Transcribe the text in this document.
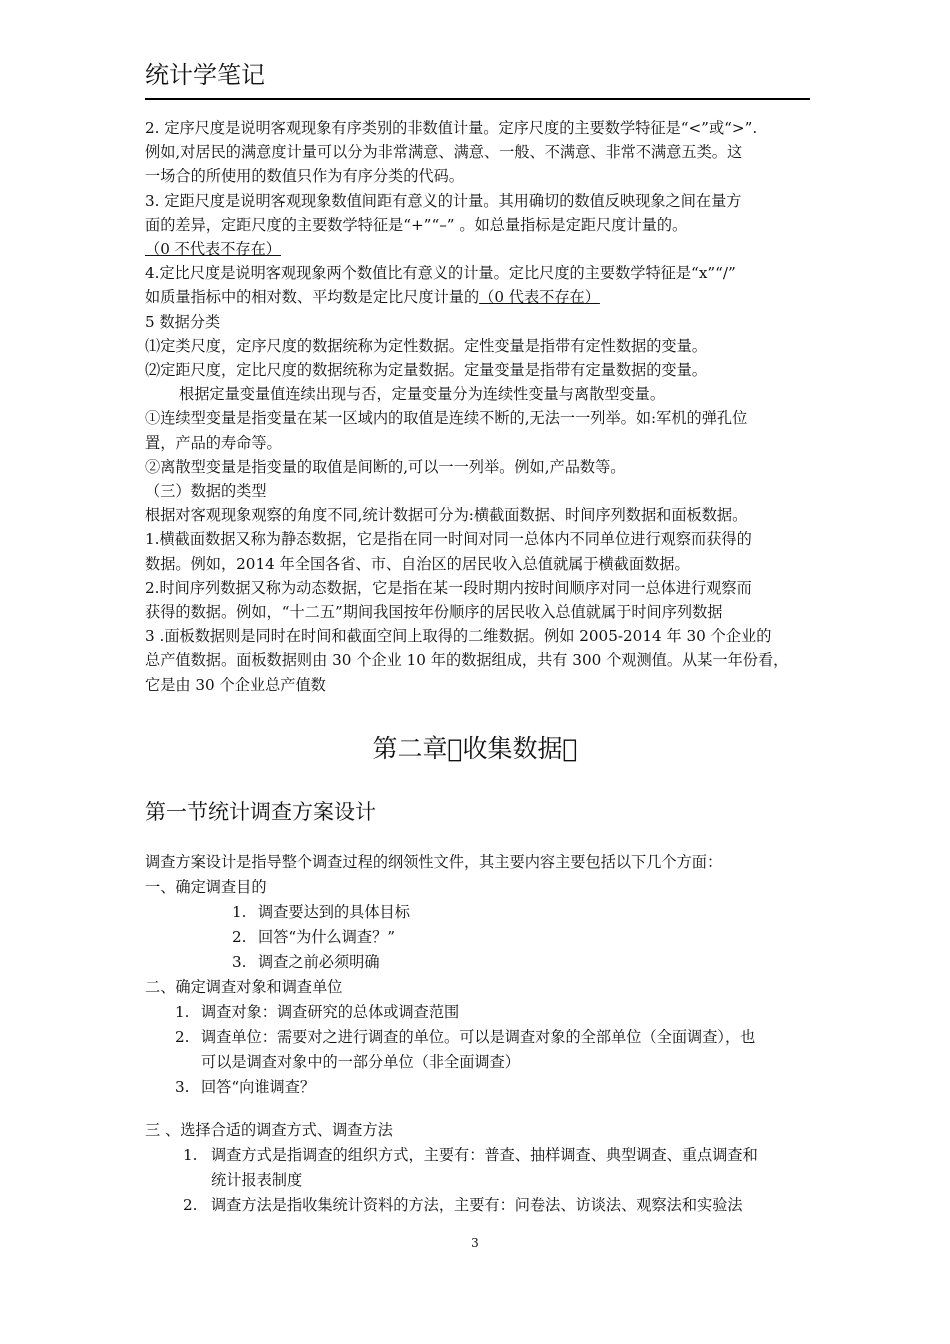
统计学笔记

2. 定序尺度是说明客观现象有序类别的非数值计量。定序尺度的主要数学特征是“<”或“>”.

例如,对居民的满意度计量可以分为非常满意、满意、一般、不满意、非常不满意五类。这

一场合的所使用的数值只作为有序分类的代码。

3. 定距尺度是说明客观现象数值间距有意义的计量。其用确切的数值反映现象之间在量方

面的差异，定距尺度的主要数学特征是“+”“–” 。如总量指标是定距尺度计量的。

（0 不代表不存在）

4.定比尺度是说明客观现象两个数值比有意义的计量。定比尺度的主要数学特征是“x”“/”

如质量指标中的相对数、平均数是定比尺度计量的（0 代表不存在）

5 数据分类

⑴定类尺度，定序尺度的数据统称为定性数据。定性变量是指带有定性数据的变量。

⑵定距尺度，定比尺度的数据统称为定量数据。定量变量是指带有定量数据的变量。

根据定量变量值连续出现与否，定量变量分为连续性变量与离散型变量。

①连续型变量是指变量在某一区域内的取值是连续不断的,无法一一列举。如:军机的弹孔位

置，产品的寿命等。

②离散型变量是指变量的取值是间断的,可以一一列举。例如,产品数等。

（三）数据的类型

根据对客观现象观察的角度不同,统计数据可分为:横截面数据、时间序列数据和面板数据。

1.横截面数据又称为静态数据，它是指在同一时间对同一总体内不同单位进行观察而获得的

数据。例如，2014 年全国各省、市、自治区的居民收入总值就属于横截面数据。

2.时间序列数据又称为动态数据，它是指在某一段时期内按时间顺序对同一总体进行观察而

获得的数据。例如，“十二五”期间我国按年份顺序的居民收入总值就属于时间序列数据

3 .面板数据则是同时在时间和截面空间上取得的二维数据。例如 2005-2014 年 30 个企业的

总产值数据。面板数据则由 30 个企业 10 年的数据组成，共有 300 个观测值。从某一年份看，

它是由 30 个企业总产值数

第二章 收集数据 
第一节统计调查方案设计

调查方案设计是指导整个调查过程的纲领性文件，其主要内容主要包括以下几个方面：

一、确定调查目的

1. 调查要达到的具体目标
2. 回答“为什么调查？”
3. 调查之前必须明确

二、确定调查对象和调查单位

1. 调查对象：调查研究的总体或调查范围
2. 调查单位：需要对之进行调查的单位。可以是调查对象的全部单位（全面调查），也
可以是调查对象中的一部分单位（非全面调查）
3. 回答“向谁调查？

三 、选择合适的调查方式、调查方法

1. 调查方式是指调查的组织方式，主要有：普查、抽样调查、典型调查、重点调查和
统计报表制度
2. 调查方法是指收集统计资料的方法，主要有：问卷法、访谈法、观察法和实验法
3
